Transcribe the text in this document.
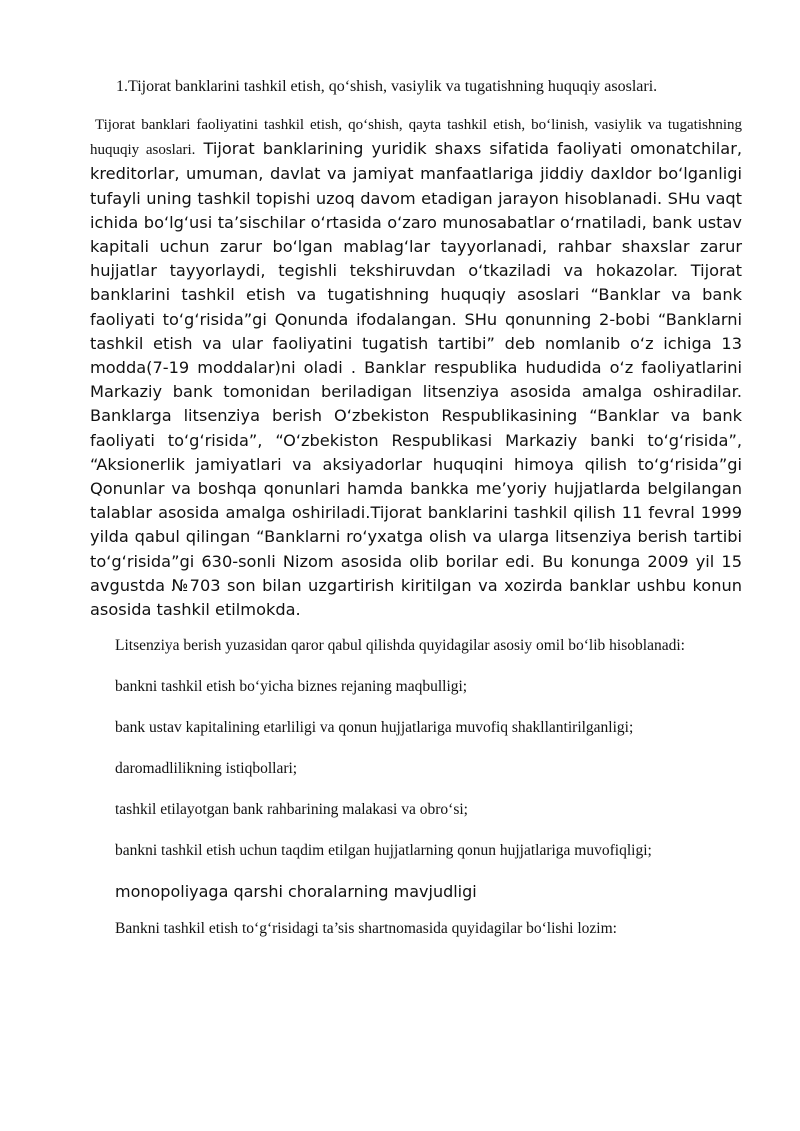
1.Tijorat banklarini tashkil etish, qo‘shish, vasiylik va tugatishning huquqiy asoslari.

Tijorat banklari faoliyatini tashkil etish, qo‘shish, qayta tashkil etish, bo‘linish, vasiylik va tugatishning huquqiy asoslari. Tijorat banklarining yuridik shaxs sifatida faoliyati omonatchilar, kreditorlar, umuman, davlat va jamiyat manfaatlariga jiddiy daxldor bo‘lganligi tufayli uning tashkil topishi uzoq davom etadigan jarayon hisoblanadi. SHu vaqt ichida bo‘lg‘usi ta’sischilar o‘rtasida o‘zaro munosabatlar o‘rnatiladi, bank ustav kapitali uchun zarur bo‘lgan mablag‘lar tayyorlanadi, rahbar shaxslar zarur hujjatlar tayyorlaydi, tegishli tekshiruvdan o‘tkaziladi va hokazolar. Tijorat banklarini tashkil etish va tugatishning huquqiy asoslari “Banklar va bank faoliyati to‘g‘risida”gi Qonunda ifodalangan. SHu qonunning 2-bobi “Banklarni tashkil etish va ular faoliyatini tugatish tartibi” deb nomlanib o‘z ichiga 13 modda(7-19 moddalar)ni oladi . Banklar respublika hududida o‘z faoliyatlarini Markaziy bank tomonidan beriladigan litsenziya asosida amalga oshiradilar. Banklarga litsenziya berish O‘zbekiston Respublikasining “Banklar va bank faoliyati to‘g‘risida”, “O‘zbekiston Respublikasi Markaziy banki to‘g‘risida”, “Aksionerlik jamiyatlari va aksiyadorlar huquqini himoya qilish to‘g‘risida”gi Qonunlar va boshqa qonunlari hamda bankka me’yoriy hujjatlarda belgilangan talablar asosida amalga oshiriladi.Tijorat banklarini tashkil qilish 11 fevral 1999 yilda qabul qilingan “Banklarni ro‘yxatga olish va ularga litsenziya berish tartibi to‘g‘risida”gi 630-sonli Nizom asosida olib borilar edi. Bu konunga 2009 yil 15 avgustda №703 son bilan uzgartirish kiritilgan va xozirda banklar ushbu konun asosida tashkil etilmokda.

Litsenziya berish yuzasidan qaror qabul qilishda quyidagilar asosiy omil bo‘lib hisoblanadi:
bankni tashkil etish bo‘yicha biznes rejaning maqbulligi;
bank ustav kapitalining etarliligi va qonun hujjatlariga muvofiq shakllantirilganligi;
daromadlilikning istiqbollari;
tashkil etilayotgan bank rahbarining malakasi va obro‘si;
bankni tashkil etish uchun taqdim etilgan hujjatlarning qonun hujjatlariga muvofiqligi;
monopoliyaga qarshi choralarning mavjudligi
Bankni tashkil etish to‘g‘risidagi ta’sis shartnomasida quyidagilar bo‘lishi lozim:
